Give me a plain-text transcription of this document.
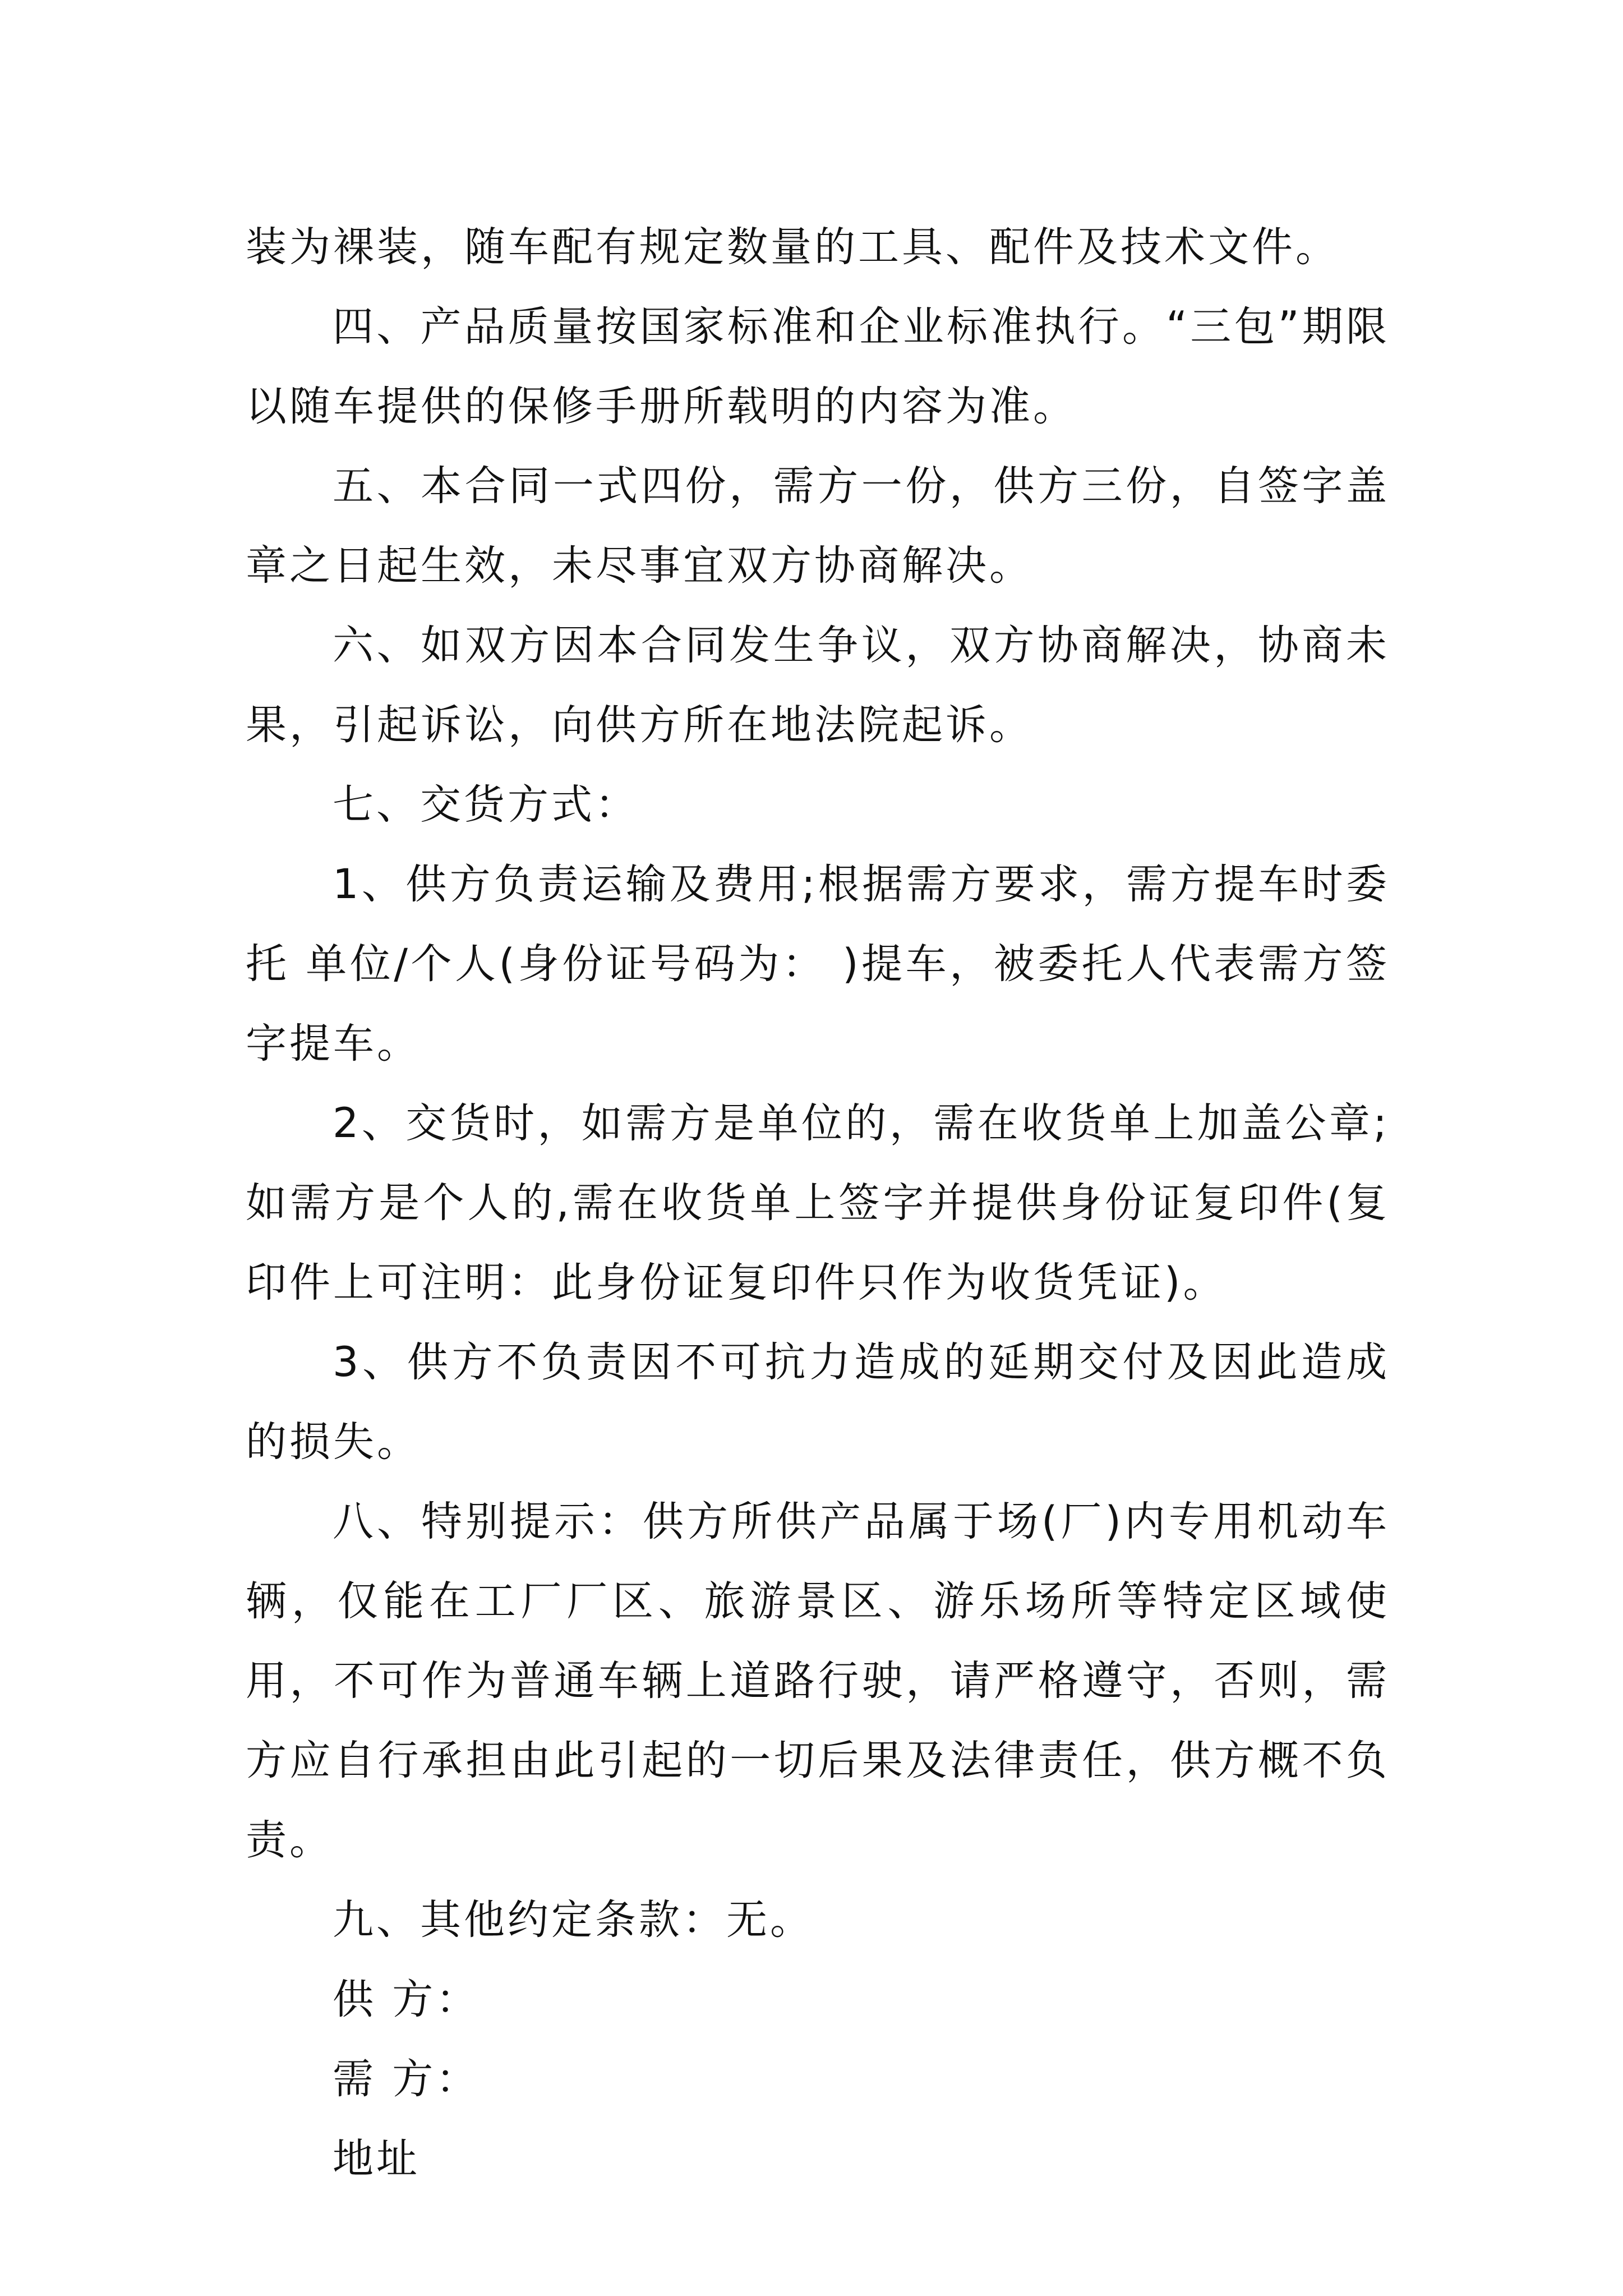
装为裸装，随车配有规定数量的工具、配件及技术文件。

四、产品质量按国家标准和企业标准执行。“三包”期限以随车提供的保修手册所载明的内容为准。

五、本合同一式四份，需方一份，供方三份，自签字盖章之日起生效，未尽事宜双方协商解决。

六、如双方因本合同发生争议，双方协商解决，协商未果，引起诉讼，向供方所在地法院起诉。

七、交货方式：

1、供方负责运输及费用;根据需方要求，需方提车时委托 单位/个人(身份证号码为： )提车，被委托人代表需方签字提车。

2、交货时，如需方是单位的，需在收货单上加盖公章;如需方是个人的,需在收货单上签字并提供身份证复印件(复印件上可注明：此身份证复印件只作为收货凭证)。

3、供方不负责因不可抗力造成的延期交付及因此造成的损失。

八、特别提示：供方所供产品属于场(厂)内专用机动车辆，仅能在工厂厂区、旅游景区、游乐场所等特定区域使用，不可作为普通车辆上道路行驶，请严格遵守，否则，需方应自行承担由此引起的一切后果及法律责任，供方概不负责。

九、其他约定条款：无。

供 方：

需 方：

地址
